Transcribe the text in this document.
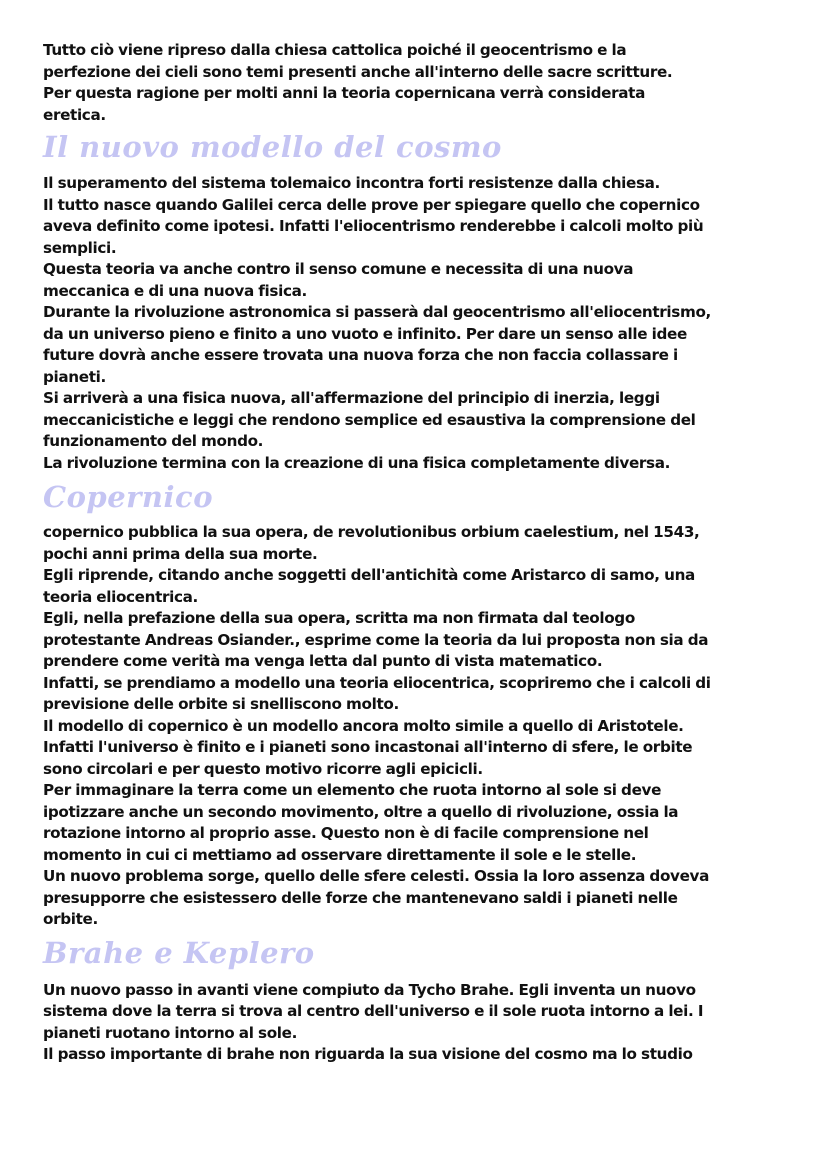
Tutto ciò viene ripreso dalla chiesa cattolica poiché il geocentrismo e la
perfezione dei cieli sono temi presenti anche all'interno delle sacre scritture.
Per questa ragione per molti anni la teoria copernicana verrà considerata
eretica.

Il nuovo modello del cosmo

Il superamento del sistema tolemaico incontra forti resistenze dalla chiesa.
Il tutto nasce quando Galilei cerca delle prove per spiegare quello che copernico
aveva definito come ipotesi. Infatti l'eliocentrismo renderebbe i calcoli molto più
semplici.
Questa teoria va anche contro il senso comune e necessita di una nuova
meccanica e di una nuova fisica.
Durante la rivoluzione astronomica si passerà dal geocentrismo all'eliocentrismo,
da un universo pieno e finito a uno vuoto e infinito. Per dare un senso alle idee
future dovrà anche essere trovata una nuova forza che non faccia collassare i
pianeti.
Si arriverà a una fisica nuova, all'affermazione del principio di inerzia, leggi
meccanicistiche e leggi che rendono semplice ed esaustiva la comprensione del
funzionamento del mondo.
La rivoluzione termina con la creazione di una fisica completamente diversa.

Copernico

copernico pubblica la sua opera, de revolutionibus orbium caelestium, nel 1543,
pochi anni prima della sua morte.
Egli riprende, citando anche soggetti dell'antichità come Aristarco di samo, una
teoria eliocentrica.
Egli, nella prefazione della sua opera, scritta ma non firmata dal teologo
protestante Andreas Osiander., esprime come la teoria da lui proposta non sia da
prendere come verità ma venga letta dal punto di vista matematico.
Infatti, se prendiamo a modello una teoria eliocentrica, scopriremo che i calcoli di
previsione delle orbite si snelliscono molto.
Il modello di copernico è un modello ancora molto simile a quello di Aristotele.
Infatti l'universo è finito e i pianeti sono incastonai all'interno di sfere, le orbite
sono circolari e per questo motivo ricorre agli epicicli.
Per immaginare la terra come un elemento che ruota intorno al sole si deve
ipotizzare anche un secondo movimento, oltre a quello di rivoluzione, ossia la
rotazione intorno al proprio asse. Questo non è di facile comprensione nel
momento in cui ci mettiamo ad osservare direttamente il sole e le stelle.
Un nuovo problema sorge, quello delle sfere celesti. Ossia la loro assenza doveva
presupporre che esistessero delle forze che mantenevano saldi i pianeti nelle
orbite.

Brahe e Keplero

Un nuovo passo in avanti viene compiuto da Tycho Brahe. Egli inventa un nuovo
sistema dove la terra si trova al centro dell'universo e il sole ruota intorno a lei. I
pianeti ruotano intorno al sole.
Il passo importante di brahe non riguarda la sua visione del cosmo ma lo studio
